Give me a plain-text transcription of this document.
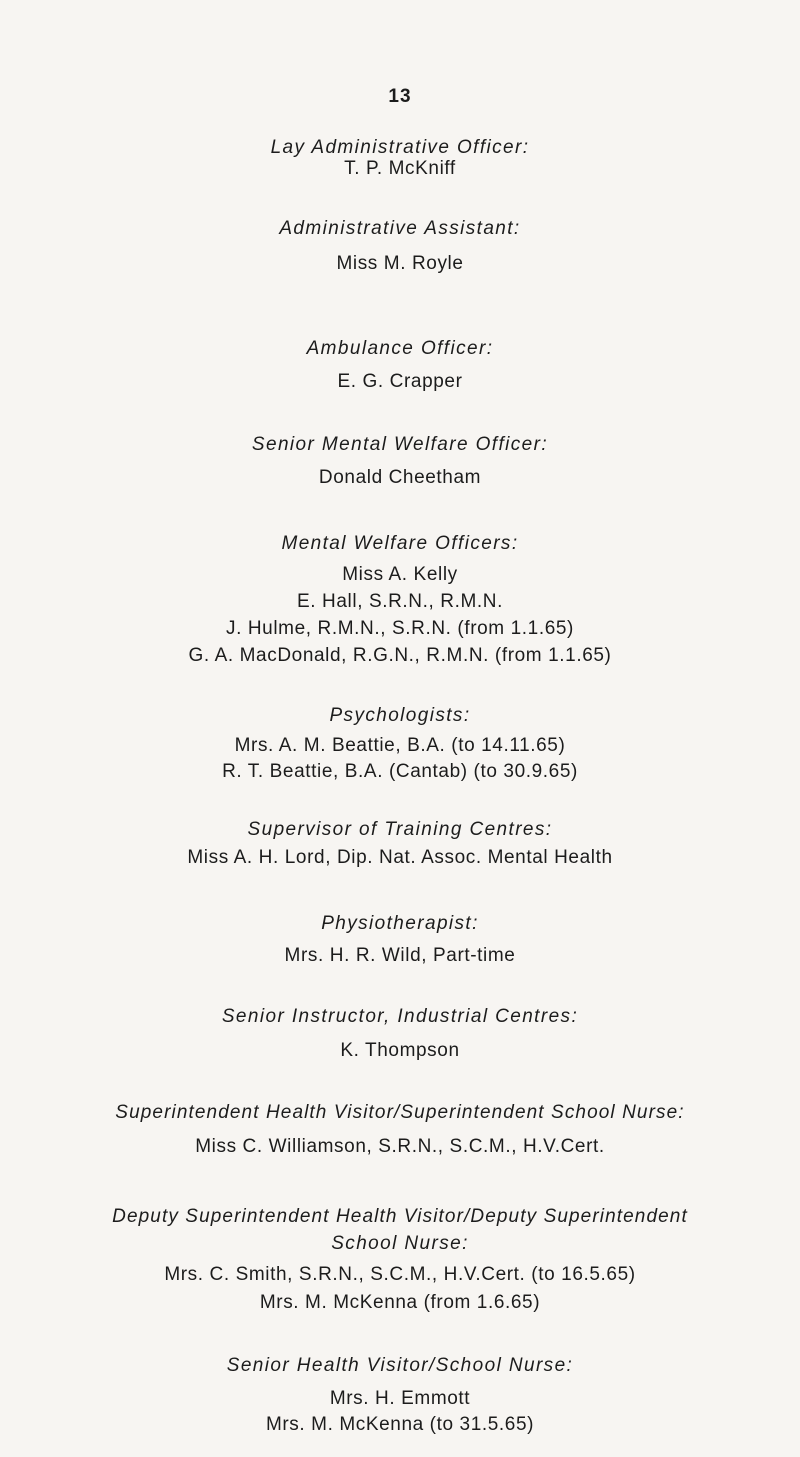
13
Lay Administrative Officer:
T. P. McKniff
Administrative Assistant:
Miss M. Royle
Ambulance Officer:
E. G. Crapper
Senior Mental Welfare Officer:
Donald Cheetham
Mental Welfare Officers:
Miss A. Kelly
E. Hall, S.R.N., R.M.N.
J. Hulme, R.M.N., S.R.N. (from 1.1.65)
G. A. MacDonald, R.G.N., R.M.N. (from 1.1.65)
Psychologists:
Mrs. A. M. Beattie, B.A. (to 14.11.65)
R. T. Beattie, B.A. (Cantab) (to 30.9.65)
Supervisor of Training Centres:
Miss A. H. Lord, Dip. Nat. Assoc. Mental Health
Physiotherapist:
Mrs. H. R. Wild, Part-time
Senior Instructor, Industrial Centres:
K. Thompson
Superintendent Health Visitor/Superintendent School Nurse:
Miss C. Williamson, S.R.N., S.C.M., H.V.Cert.
Deputy Superintendent Health Visitor/Deputy Superintendent
School Nurse:
Mrs. C. Smith, S.R.N., S.C.M., H.V.Cert. (to 16.5.65)
Mrs. M. McKenna (from 1.6.65)
Senior Health Visitor/School Nurse:
Mrs. H. Emmott
Mrs. M. McKenna (to 31.5.65)
